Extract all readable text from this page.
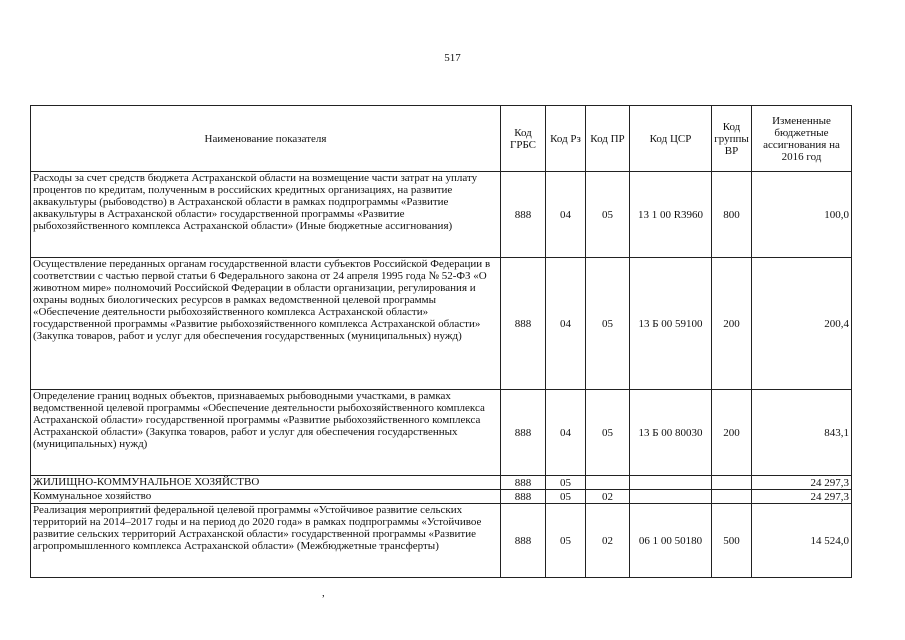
517
Наименование показателя	Код ГРБС	Код Рз	Код ПР	Код ЦСР	Код группы ВР	Измененные бюджетные ассигнования на 2016 год
Расходы за счет средств бюджета Астраханской области на возмещение части затрат на уплату процентов по кредитам, полученным в российских кредитных организациях, на развитие аквакультуры (рыбоводство) в Астраханской области в рамках подпрограммы «Развитие аквакультуры в Астраханской области» государственной программы «Развитие рыбохозяйственного комплекса Астраханской области» (Иные бюджетные ассигнования)	888	04	05	13 1 00 R3960	800	100,0
Осуществление переданных органам государственной власти субъектов Российской Федерации в соответствии с частью первой статьи 6 Федерального закона от 24 апреля 1995 года № 52-ФЗ «О животном мире» полномочий Российской Федерации в области организации, регулирования и охраны водных биологических ресурсов в рамках ведомственной целевой программы «Обеспечение деятельности рыбохозяйственного комплекса Астраханской области» государственной программы «Развитие рыбохозяйственного комплекса Астраханской области» (Закупка товаров, работ и услуг для обеспечения государственных (муниципальных) нужд)	888	04	05	13 Б 00 59100	200	200,4
Определение границ водных объектов, признаваемых рыбоводными участками, в рамках ведомственной целевой программы «Обеспечение деятельности рыбохозяйственного комплекса Астраханской области» государственной программы «Развитие рыбохозяйственного комплекса Астраханской области» (Закупка товаров, работ и услуг для обеспечения государственных (муниципальных) нужд)	888	04	05	13 Б 00 80030	200	843,1
ЖИЛИЩНО-КОММУНАЛЬНОЕ ХОЗЯЙСТВО	888	05				24 297,3
Коммунальное хозяйство	888	05	02			24 297,3
Реализация мероприятий федеральной целевой программы «Устойчивое развитие сельских территорий на 2014–2017 годы и на период до 2020 года» в рамках подпрограммы «Устойчивое развитие сельских территорий Астраханской области» государственной программы «Развитие агропромышленного комплекса Астраханской области» (Межбюджетные трансферты)	888	05	02	06 1 00 50180	500	14 524,0
,
